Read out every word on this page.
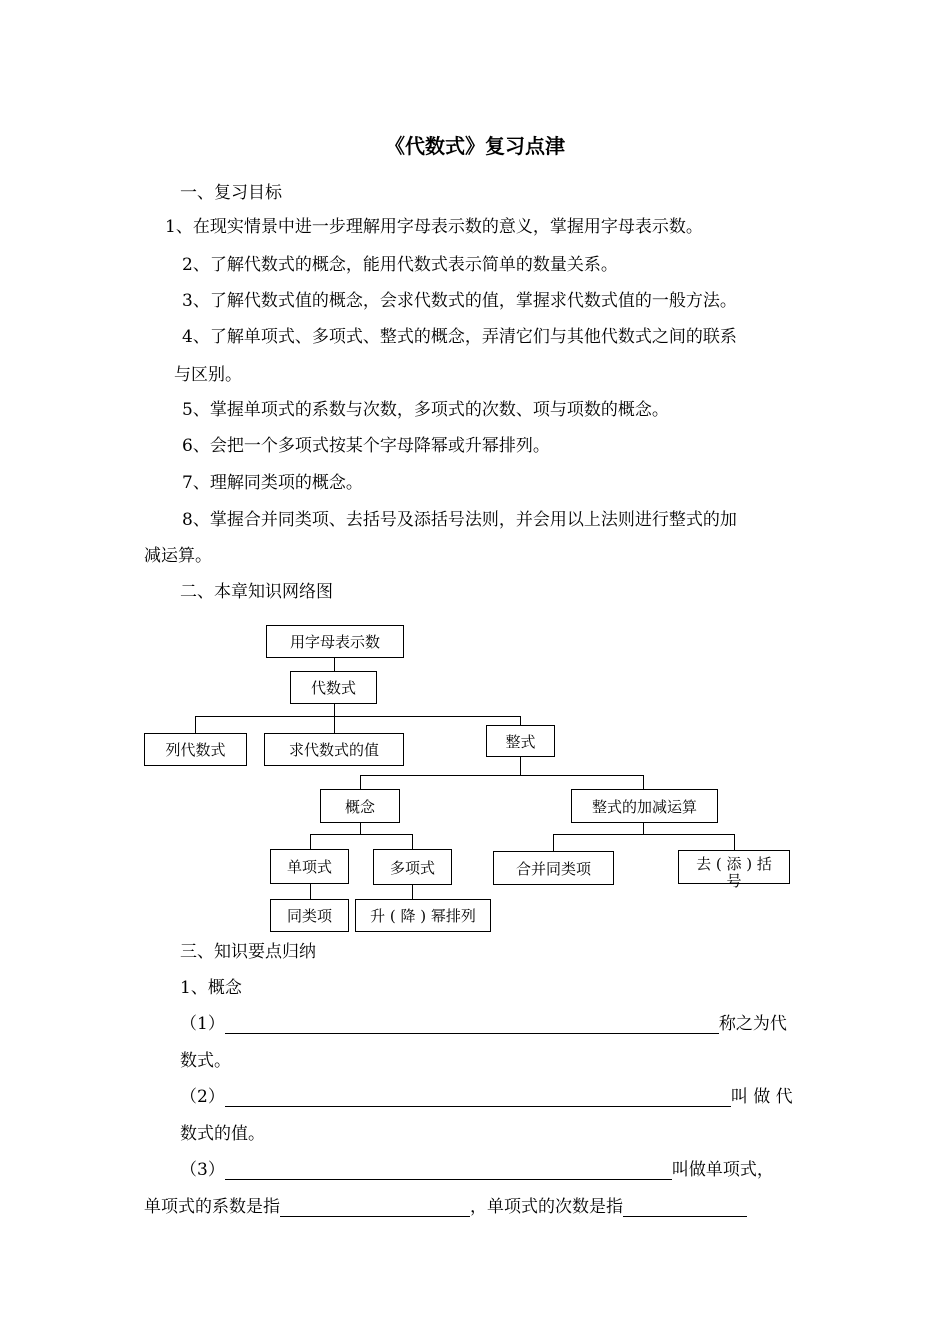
《代数式》复习点津
一、复习目标
1、在现实情景中进一步理解用字母表示数的意义，掌握用字母表示数。
2、了解代数式的概念，能用代数式表示简单的数量关系。
3、了解代数式值的概念，会求代数式的值，掌握求代数式值的一般方法。
4、了解单项式、多项式、整式的概念，弄清它们与其他代数式之间的联系
与区别。
5、掌握单项式的系数与次数，多项式的次数、项与项数的概念。
6、会把一个多项式按某个字母降幂或升幂排列。
7、理解同类项的概念。
8、掌握合并同类项、去括号及添括号法则，并会用以上法则进行整式的加
减运算。
二、本章知识网络图
用字母表示数
代数式
列代数式	求代数式的值	整式
概念	整式的加减运算
单项式	多项式	合并同类项	去 ( 添 ) 括号
同类项	升 ( 降 ) 幂排列
三、知识要点归纳
1、概念
（1）	称之为代
数式。
（2）	叫 做 代
数式的值。
（3）	叫做单项式，
单项式的系数是指	，单项式的次数是指
